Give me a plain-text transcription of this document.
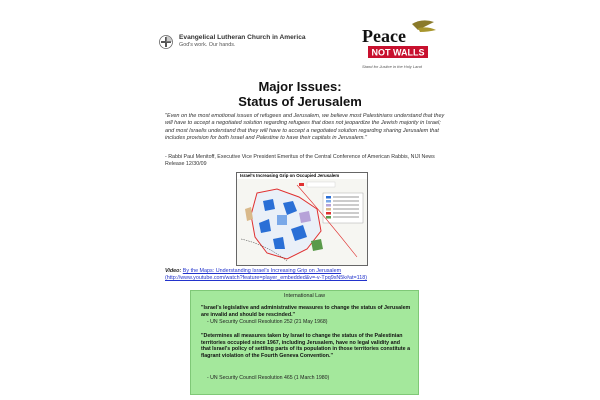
Evangelical Lutheran Church in America
God's work. Our hands.	Peace
NOT WALLS
Stand for Justice in the Holy Land
Major Issues:
Status of Jerusalem
"Even on the most emotional issues of refugees and Jerusalem, we believe most Palestinians understand that they will have to accept a negotiated solution regarding refugees that does not jeopardize the Jewish majority in Israel; and most Israelis understand that they will have to accept a negotiated solution regarding sharing Jerusalem that includes provision for both Israel and Palestine to have their capitals in Jerusalem."
- Rabbi Paul Menitoff, Executive Vice President Emeritus of the Central Conference of American Rabbis, NIJI News Release 12/30/09
Israel's Increasing Grip on Occupied Jerusalem
Video: By the Maps: Understanding Israel's Increasing Grip on Jerusalem
(http://www.youtube.com/watch?feature=player_embedded&v=-v-Tpq9xN5k#at=118)
International Law
"Israel's legislative and administrative measures to change the status of Jerusalem are invalid and should be rescinded."
- UN Security Council Resolution 252 (21 May 1968)
"Determines all measures taken by Israel to change the status of the Palestinian territories occupied since 1967, including Jerusalem, have no legal validity and that Israel's policy of settling parts of its population in those territories constitute a flagrant violation of the Fourth Geneva Convention."
- UN Security Council Resolution 465 (1 March 1980)
